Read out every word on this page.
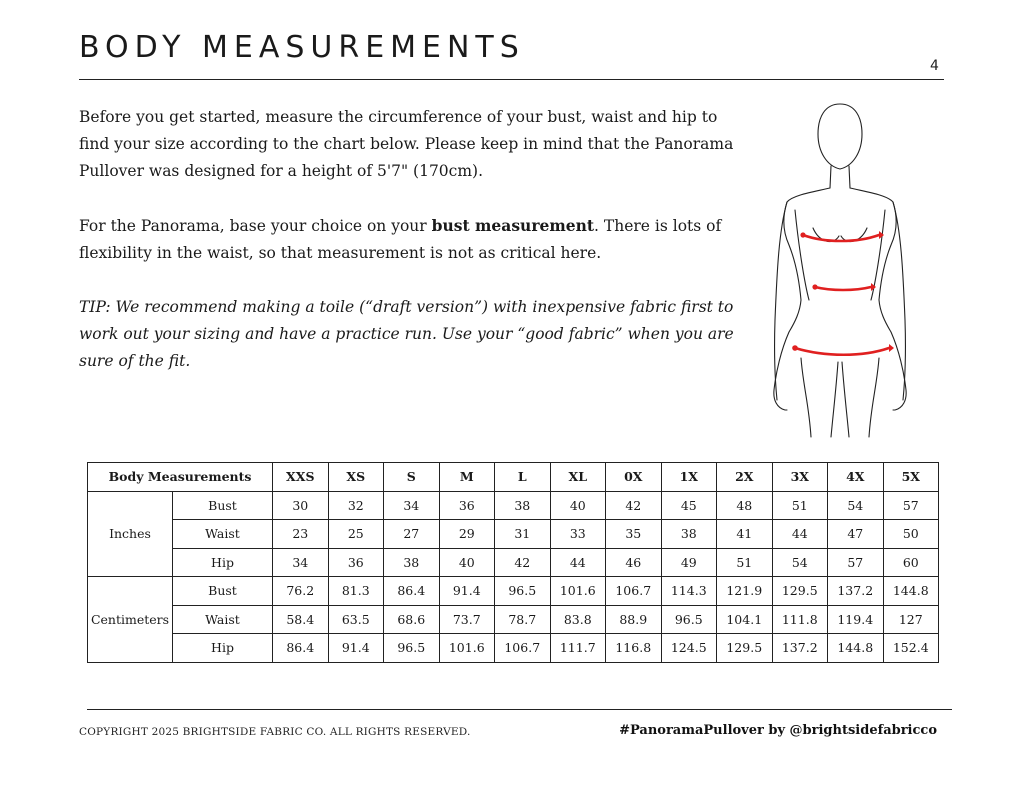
BODY MEASUREMENTS
4

Before you get started, measure the circumference of your bust, waist and hip to find your size according to the chart below. Please keep in mind that the Panorama Pullover was designed for a height of 5'7" (170cm).

For the Panorama, base your choice on your bust measurement. There is lots of flexibility in the waist, so that measurement is not as critical here.

TIP: We recommend making a toile (“draft version”) with inexpensive fabric first to work out your sizing and have a practice run. Use your “good fabric” when you are sure of the fit.

Body Measurements		XXS	XS	S	M	L	XL	0X	1X	2X	3X	4X	5X
Inches	Bust	30	32	34	36	38	40	42	45	48	51	54	57
	Waist	23	25	27	29	31	33	35	38	41	44	47	50
	Hip	34	36	38	40	42	44	46	49	51	54	57	60
Centimeters	Bust	76.2	81.3	86.4	91.4	96.5	101.6	106.7	114.3	121.9	129.5	137.2	144.8
	Waist	58.4	63.5	68.6	73.7	78.7	83.8	88.9	96.5	104.1	111.8	119.4	127
	Hip	86.4	91.4	96.5	101.6	106.7	111.7	116.8	124.5	129.5	137.2	144.8	152.4
COPYRIGHT 2025 BRIGHTSIDE FABRIC CO. ALL RIGHTS RESERVED.	#PanoramaPullover by @brightsidefabricco
